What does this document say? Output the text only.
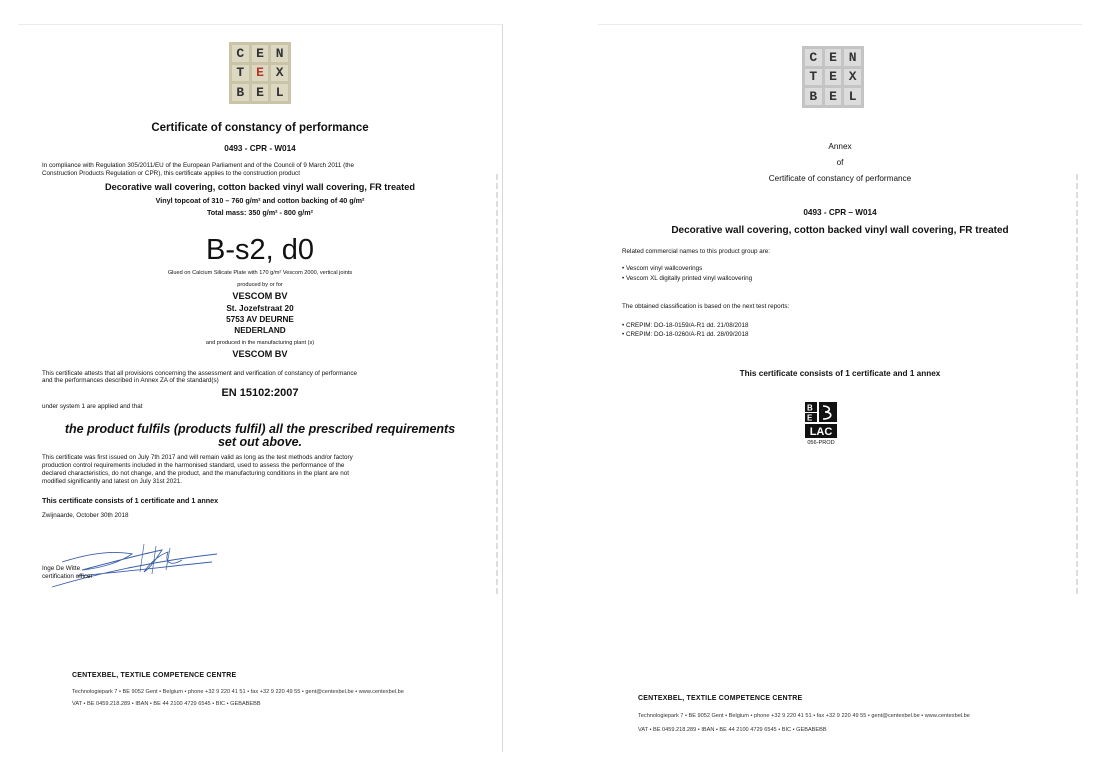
C E N
T E X
B E L
Certificate of constancy of performance
0493 - CPR - W014
In compliance with Regulation 305/2011/EU of the European Parliament and of the Council of 9 March 2011 (the
Construction Products Regulation or CPR), this certificate applies to the construction product
Decorative wall covering, cotton backed vinyl wall covering, FR treated
Vinyl topcoat of 310 – 760 g/m² and cotton backing of 40 g/m²
Total mass: 350 g/m² - 800 g/m²
B-s2, d0
Glued on Calcium Silicate Plate with 170 g/m² Vescom 2000, vertical joints
produced by or for
VESCOM BV
St. Jozefstraat 20
5753 AV DEURNE
NEDERLAND
and produced in the manufacturing plant (s)
VESCOM BV
This certificate attests that all provisions concerning the assessment and verification of constancy of performance
and the performances described in Annex ZA of the standard(s)
EN 15102:2007
under system 1 are applied and that
the product fulfils (products fulfil) all the prescribed requirements
set out above.
This certificate was first issued on July 7th 2017 and will remain valid as long as the test methods and/or factory
production control requirements included in the harmonised standard, used to assess the performance of the
declared characteristics, do not change, and the product, and the manufacturing conditions in the plant are not
modified significantly and latest on July 31st 2021.
This certificate consists of 1 certificate and 1 annex
Zwijnaarde, October 30th 2018
Inge De Witte
certification officer
CENTEXBEL, TEXTILE COMPETENCE CENTRE
Technologiepark 7 • BE 9052 Gent • Belgium • phone +32 9 220 41 51 • fax +32 9 220 49 55 • gent@centexbel.be • www.centexbel.be
VAT • BE 0459.218.289 • IBAN • BE 44 2100 4729 6545 • BIC • GEBABEBB
C E N
T E X
B E L
Annex
of
Certificate of constancy of performance
0493 - CPR – W014
Decorative wall covering, cotton backed vinyl wall covering, FR treated
Related commercial names to this product group are:
• Vescom vinyl wallcoverings
• Vescom XL digitally printed vinyl wallcovering
The obtained classification is based on the next test reports:
• CREPIM: DO-18-0159/A-R1 dd. 21/08/2018
• CREPIM: DO-18-0260/A-R1 dd. 28/09/2018
This certificate consists of 1 certificate and 1 annex
LAC
B
E
056-PROD
CENTEXBEL, TEXTILE COMPETENCE CENTRE
Technologiepark 7 • BE 9052 Gent • Belgium • phone +32 9 220 41 51 • fax +32 9 220 49 55 • gent@centexbel.be • www.centexbel.be
VAT • BE 0459.218.289 • IBAN • BE 44 2100 4729 6545 • BIC • GEBABEBB
